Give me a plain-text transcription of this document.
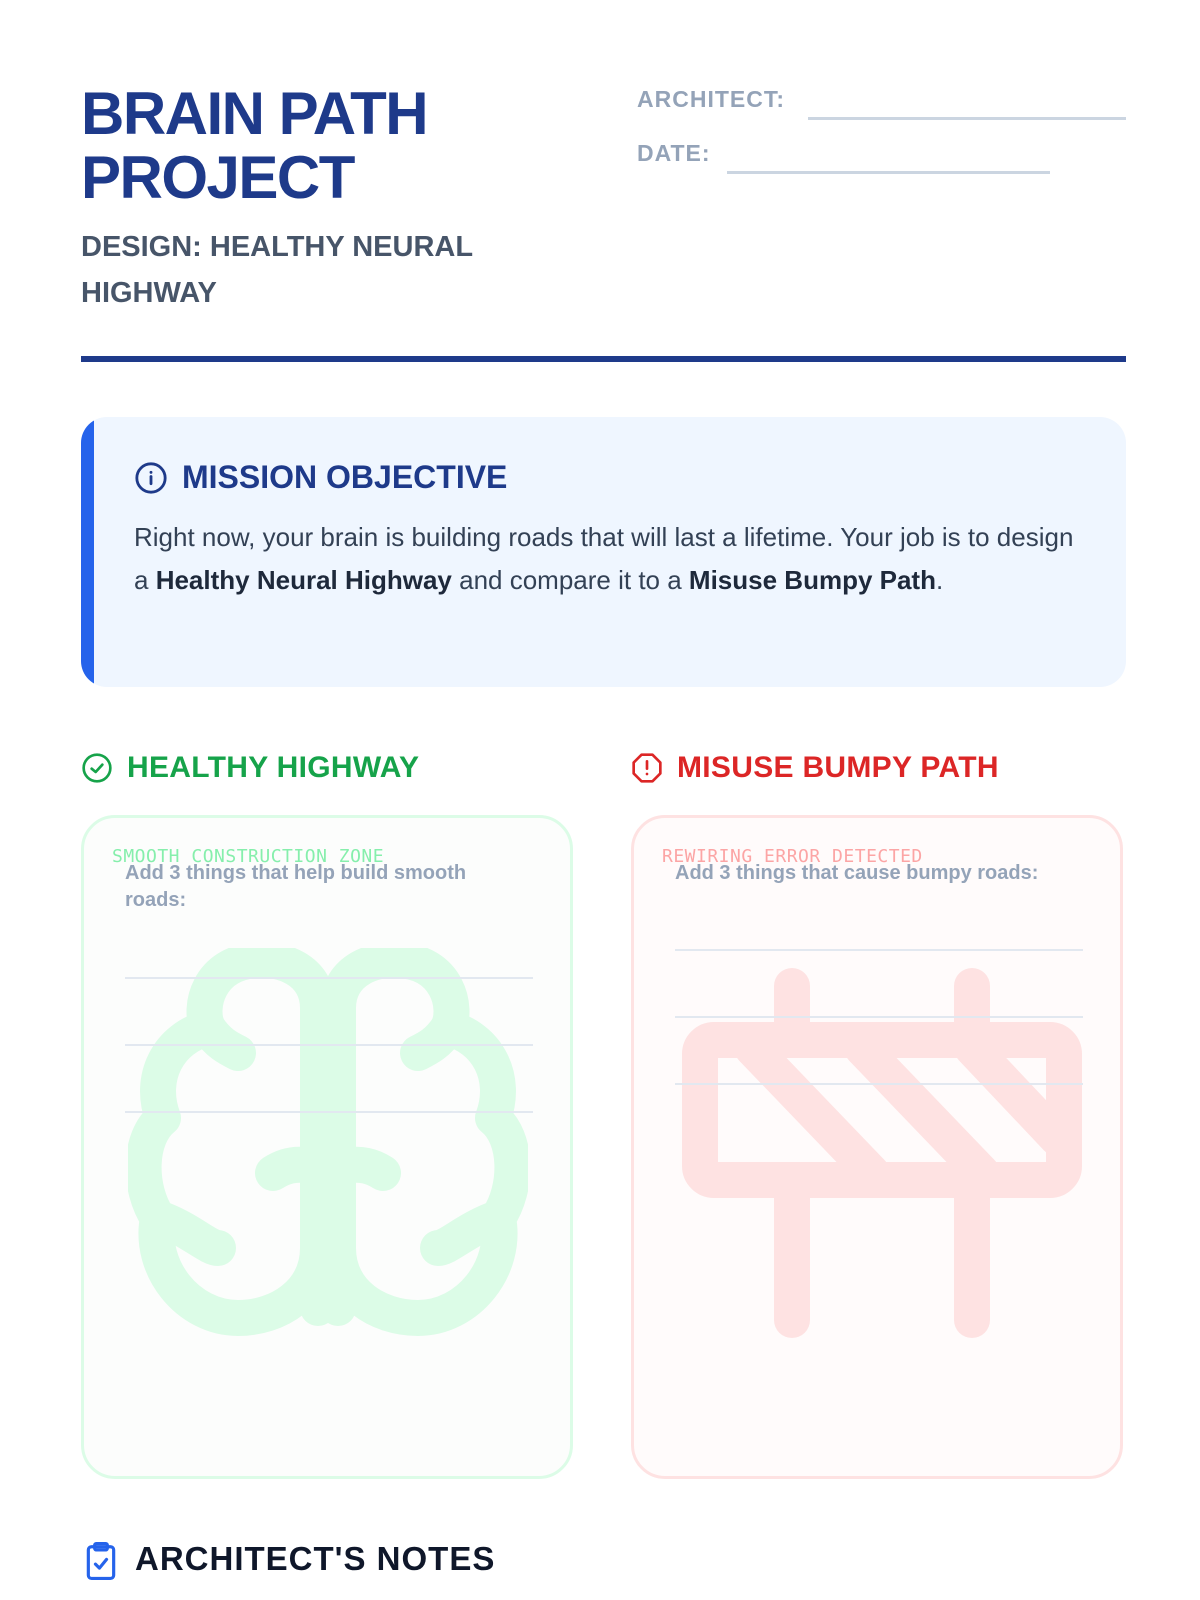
BRAIN PATH PROJECT
DESIGN: HEALTHY NEURAL HIGHWAY
ARCHITECT:
DATE:
MISSION OBJECTIVE
Right now, your brain is building roads that will last a lifetime. Your job is to design a Healthy Neural Highway and compare it to a Misuse Bumpy Path.
HEALTHY HIGHWAY	MISUSE BUMPY PATH
SMOOTH CONSTRUCTION ZONE
Add 3 things that help build smooth roads:
REWIRING ERROR DETECTED
Add 3 things that cause bumpy roads:
ARCHITECT'S NOTES
